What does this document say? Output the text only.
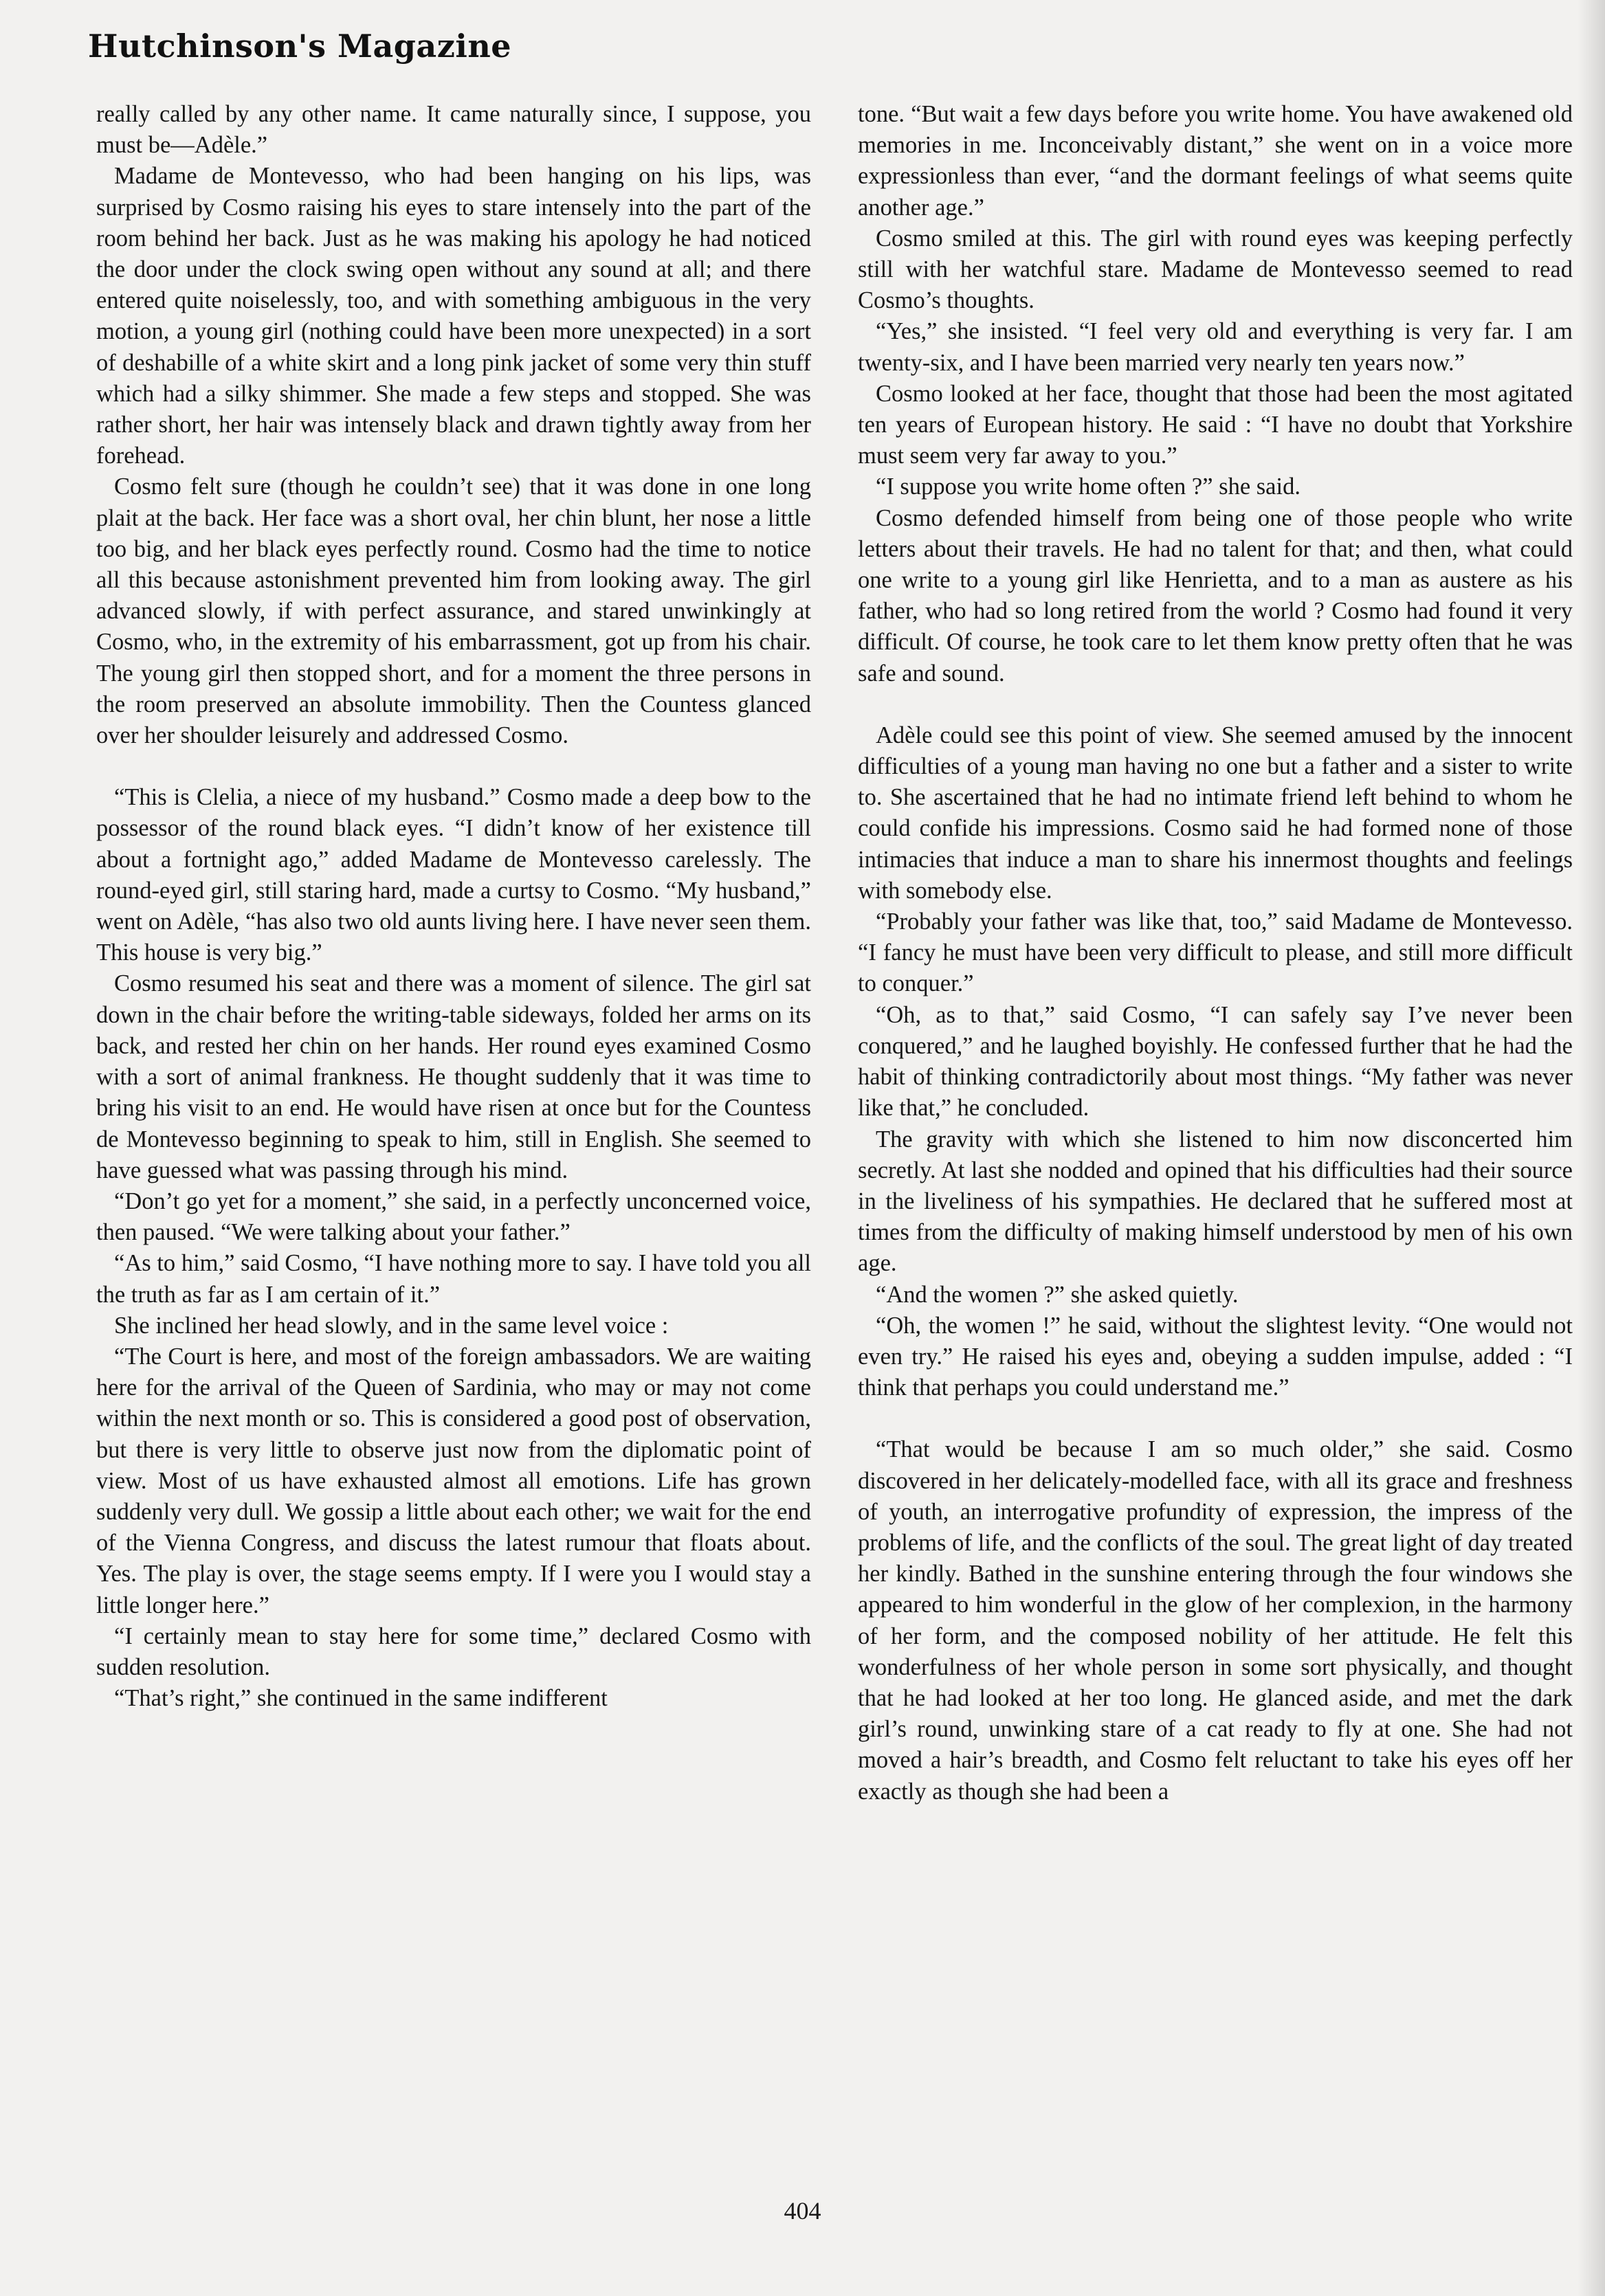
Hutchinson's Magazine

really called by any other name. It came naturally since, I suppose, you must be—Adèle.”

Madame de Montevesso, who had been hanging on his lips, was surprised by Cosmo raising his eyes to stare intensely into the part of the room behind her back. Just as he was making his apology he had noticed the door under the clock swing open without any sound at all; and there entered quite noiselessly, too, and with something ambiguous in the very motion, a young girl (nothing could have been more unexpected) in a sort of deshabille of a white skirt and a long pink jacket of some very thin stuff which had a silky shimmer. She made a few steps and stopped. She was rather short, her hair was intensely black and drawn tightly away from her forehead.

Cosmo felt sure (though he couldn’t see) that it was done in one long plait at the back. Her face was a short oval, her chin blunt, her nose a little too big, and her black eyes perfectly round. Cosmo had the time to notice all this because astonishment prevented him from looking away. The girl advanced slowly, if with perfect assurance, and stared unwinkingly at Cosmo, who, in the extremity of his embarrassment, got up from his chair. The young girl then stopped short, and for a moment the three persons in the room preserved an absolute immobility. Then the Countess glanced over her shoulder leisurely and addressed Cosmo.

“This is Clelia, a niece of my husband.” Cosmo made a deep bow to the possessor of the round black eyes. “I didn’t know of her existence till about a fortnight ago,” added Madame de Montevesso carelessly. The round-eyed girl, still staring hard, made a curtsy to Cosmo. “My husband,” went on Adèle, “has also two old aunts living here. I have never seen them. This house is very big.”

Cosmo resumed his seat and there was a moment of silence. The girl sat down in the chair before the writing-table sideways, folded her arms on its back, and rested her chin on her hands. Her round eyes examined Cosmo with a sort of animal frankness. He thought suddenly that it was time to bring his visit to an end. He would have risen at once but for the Countess de Montevesso beginning to speak to him, still in English. She seemed to have guessed what was passing through his mind.

“Don’t go yet for a moment,” she said, in a perfectly unconcerned voice, then paused. “We were talking about your father.”

“As to him,” said Cosmo, “I have nothing more to say. I have told you all the truth as far as I am certain of it.”

She inclined her head slowly, and in the same level voice :

“The Court is here, and most of the foreign ambassadors. We are waiting here for the arrival of the Queen of Sardinia, who may or may not come within the next month or so. This is considered a good post of observation, but there is very little to observe just now from the diplomatic point of view. Most of us have exhausted almost all emotions. Life has grown suddenly very dull. We gossip a little about each other; we wait for the end of the Vienna Congress, and discuss the latest rumour that floats about. Yes. The play is over, the stage seems empty. If I were you I would stay a little longer here.”

“I certainly mean to stay here for some time,” declared Cosmo with sudden resolution.

“That’s right,” she continued in the same indifferent

tone. “But wait a few days before you write home. You have awakened old memories in me. Inconceivably distant,” she went on in a voice more expressionless than ever, “and the dormant feelings of what seems quite another age.”

Cosmo smiled at this. The girl with round eyes was keeping perfectly still with her watchful stare. Madame de Montevesso seemed to read Cosmo’s thoughts.

“Yes,” she insisted. “I feel very old and everything is very far. I am twenty-six, and I have been married very nearly ten years now.”

Cosmo looked at her face, thought that those had been the most agitated ten years of European history. He said : “I have no doubt that Yorkshire must seem very far away to you.”

“I suppose you write home often ?” she said.

Cosmo defended himself from being one of those people who write letters about their travels. He had no talent for that; and then, what could one write to a young girl like Henrietta, and to a man as austere as his father, who had so long retired from the world ? Cosmo had found it very difficult. Of course, he took care to let them know pretty often that he was safe and sound.

Adèle could see this point of view. She seemed amused by the innocent difficulties of a young man having no one but a father and a sister to write to. She ascertained that he had no intimate friend left behind to whom he could confide his impressions. Cosmo said he had formed none of those intimacies that induce a man to share his innermost thoughts and feelings with somebody else.

“Probably your father was like that, too,” said Madame de Montevesso. “I fancy he must have been very difficult to please, and still more difficult to conquer.”

“Oh, as to that,” said Cosmo, “I can safely say I’ve never been conquered,” and he laughed boyishly. He confessed further that he had the habit of thinking contradictorily about most things. “My father was never like that,” he concluded.

The gravity with which she listened to him now disconcerted him secretly. At last she nodded and opined that his difficulties had their source in the liveliness of his sympathies. He declared that he suffered most at times from the difficulty of making himself understood by men of his own age.

“And the women ?” she asked quietly.

“Oh, the women !” he said, without the slightest levity. “One would not even try.” He raised his eyes and, obeying a sudden impulse, added : “I think that perhaps you could understand me.”

“That would be because I am so much older,” she said. Cosmo discovered in her delicately-modelled face, with all its grace and freshness of youth, an interrogative profundity of expression, the impress of the problems of life, and the conflicts of the soul. The great light of day treated her kindly. Bathed in the sunshine entering through the four windows she appeared to him wonderful in the glow of her complexion, in the harmony of her form, and the composed nobility of her attitude. He felt this wonderfulness of her whole person in some sort physically, and thought that he had looked at her too long. He glanced aside, and met the dark girl’s round, unwinking stare of a cat ready to fly at one. She had not moved a hair’s breadth, and Cosmo felt reluctant to take his eyes off her exactly as though she had been a

404
